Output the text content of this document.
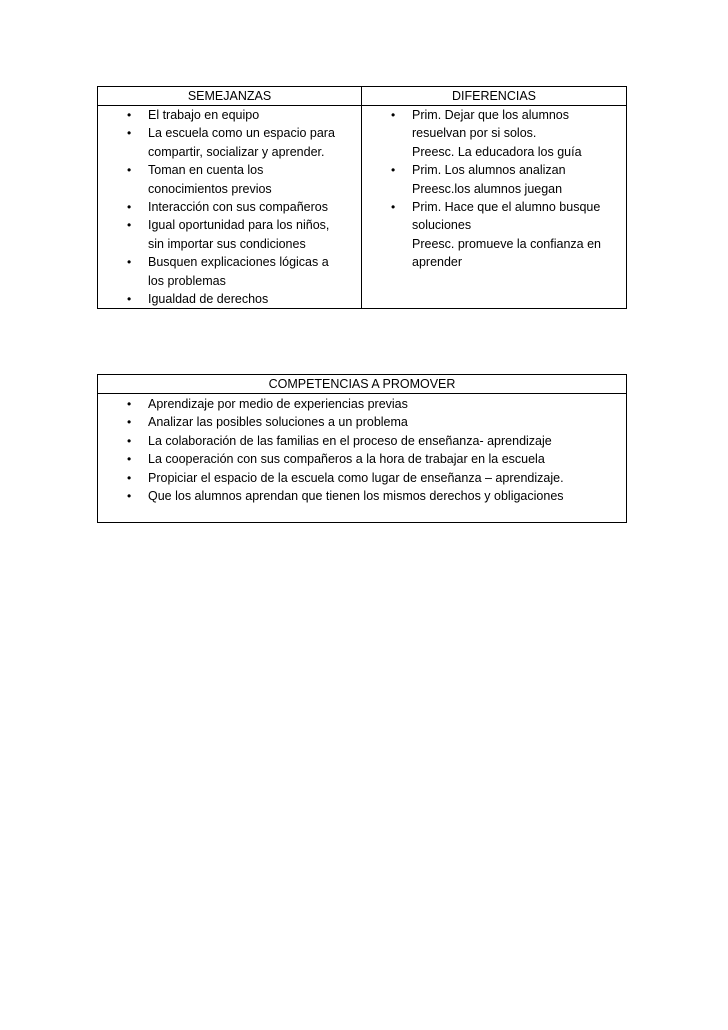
SEMEJANZAS	DIFERENCIAS
• El trabajo en equipo
• La escuela como un espacio para
compartir, socializar y aprender.
• Toman en cuenta los
conocimientos previos
• Interacción con sus compañeros
• Igual oportunidad para los niños,
sin importar sus condiciones
• Busquen explicaciones lógicas a
los problemas
• Igualdad de derechos
• Prim. Dejar que los alumnos
resuelvan por si solos.
Preesc. La educadora los guía
• Prim. Los alumnos analizan
Preesc.los alumnos juegan
• Prim. Hace que el alumno busque
soluciones
Preesc. promueve la confianza en
aprender
COMPETENCIAS A PROMOVER
• Aprendizaje por medio de experiencias previas
• Analizar las posibles soluciones a un problema
• La colaboración de las familias en el proceso de enseñanza- aprendizaje
• La cooperación con sus compañeros a la hora de trabajar en la escuela
• Propiciar el espacio de la escuela como lugar de enseñanza – aprendizaje.
• Que los alumnos aprendan que tienen los mismos derechos y obligaciones
